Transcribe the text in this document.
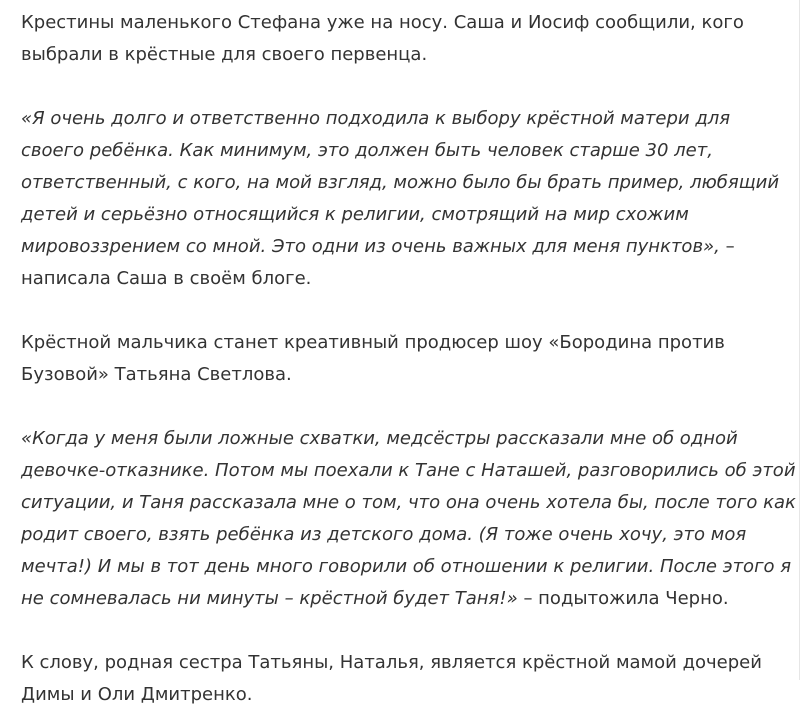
Крестины маленького Стефана уже на носу. Саша и Иосиф сообщили, кого выбрали в крёстные для своего первенца.

«Я очень долго и ответственно подходила к выбору крёстной матери для своего ребёнка. Как минимум, это должен быть человек старше 30 лет, ответственный, с кого, на мой взгляд, можно было бы брать пример, любящий детей и серьёзно относящийся к религии, смотрящий на мир схожим мировоззрением со мной. Это одни из очень важных для меня пунктов», – написала Саша в своём блоге.

Крёстной мальчика станет креативный продюсер шоу «Бородина против Бузовой» Татьяна Светлова.

«Когда у меня были ложные схватки, медсёстры рассказали мне об одной девочке-отказнике. Потом мы поехали к Тане с Наташей, разговорились об этой ситуации, и Таня рассказала мне о том, что она очень хотела бы, после того как родит своего, взять ребёнка из детского дома. (Я тоже очень хочу, это моя мечта!) И мы в тот день много говорили об отношении к религии. После этого я не сомневалась ни минуты – крёстной будет Таня!» – подытожила Черно.

К слову, родная сестра Татьяны, Наталья, является крёстной мамой дочерей Димы и Оли Дмитренко.
